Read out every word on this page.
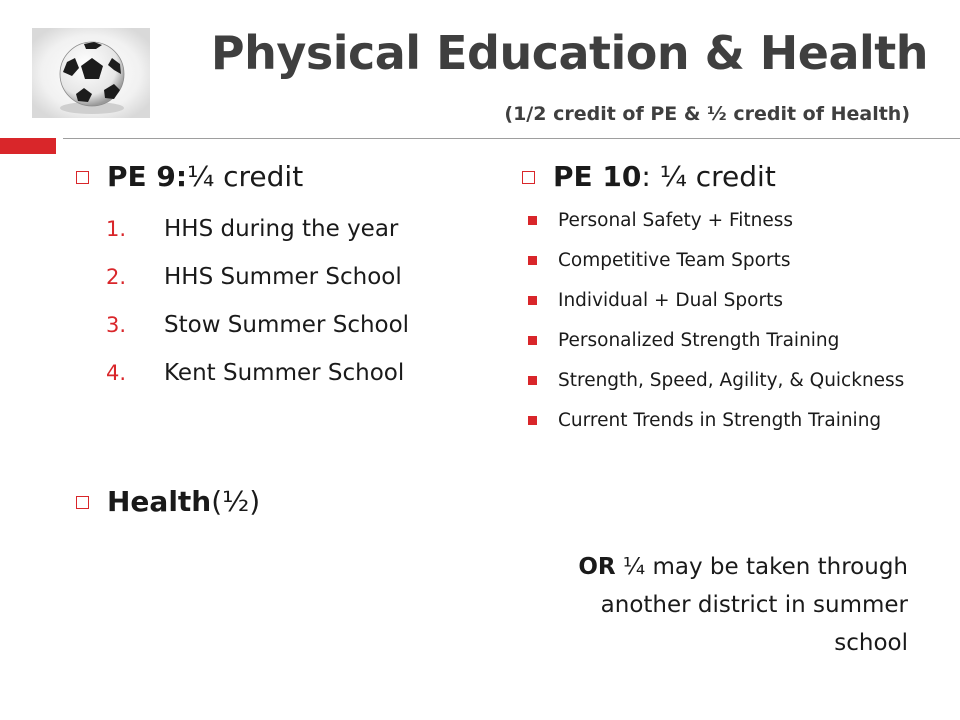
Physical Education & Health
(1/2 credit of PE & ½ credit of Health)
PE 9: ¼ credit
1.	HHS during the year
2.	HHS Summer School
3.	Stow Summer School
4.	Kent Summer School
Health (½)
PE 10 : ¼ credit
Personal Safety + Fitness
Competitive Team Sports
Individual + Dual Sports
Personalized Strength Training
Strength, Speed, Agility, & Quickness
Current Trends in Strength Training
OR ¼ may be taken through another district in summer school
